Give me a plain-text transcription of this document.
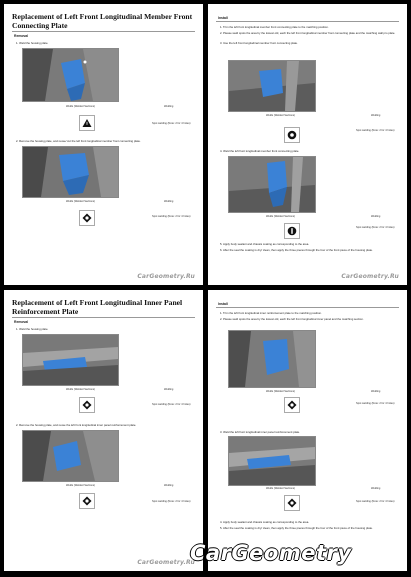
Replacement of Left Front Longitudinal Member Front Connecting Plate
Removal
1. Weld the housing plate.
Welds (Welded Sections)	Welding
Spot welding (Note: 2 for 4 holes)
2. Remove the housing plate, and reuse/ cut the left front longitudinal member front connecting plate.
Welds (Welded Sections)	Welding
Spot welding (Note: 2 for 4 holes)
CarGeometry.Ru
Install
1. Trim the left front longitudinal member front connecting plate to the matching position.
2. Please weld spots the area by the lowest old, each the left front longitudinal member front connecting plate and the matching wall pro plate.
3. Use the left front longitudinal member front connecting plate.
Welds (Welded Sections)	Welding
Spot welding (Note: 2 for 4 holes)
4. Weld the left front longitudinal member front connecting plate.
Welds (Welded Sections)	Welding
Spot welding (Note: 2 for 4 holes)
5. Apply body sealant and chassis coating as corresponding to the area.
6. After the seal the coating is dry/ clean, then apply the three pieces through the four of the front piece of the housing plate.
CarGeometry.Ru
Replacement of Left Front Longitudinal Inner Panel Reinforcement Plate
Removal
1. Weld the housing plate.
Welds (Welded Sections)	Welding
Spot welding (Note: 2 for 4 holes)
2. Remove the housing plate, and reuse the left front longitudinal inner panel reinforcement plate.
Welds (Welded Sections)	Welding
Spot welding (Note: 2 for 4 holes)
CarGeometry.Ru
Install
1. Trim the left front longitudinal inner reinforcement plate to the matching position.
2. Please weld spots the area by the lowest old, each the left front longitudinal inner panel and the matching section.
Welds (Welded Sections)	Welding
Spot welding (Note: 2 for 4 holes)
3. Weld the left front longitudinal inner panel reinforcement plate.
Welds (Welded Sections)	Welding
Spot welding (Note: 2 for 4 holes)
4. Apply body sealant and chassis coating as corresponding to the area.
5. After the seal the coating is dry/ clean, then apply the three pieces through the four of the front piece of the housing plate.
CarGeometry
